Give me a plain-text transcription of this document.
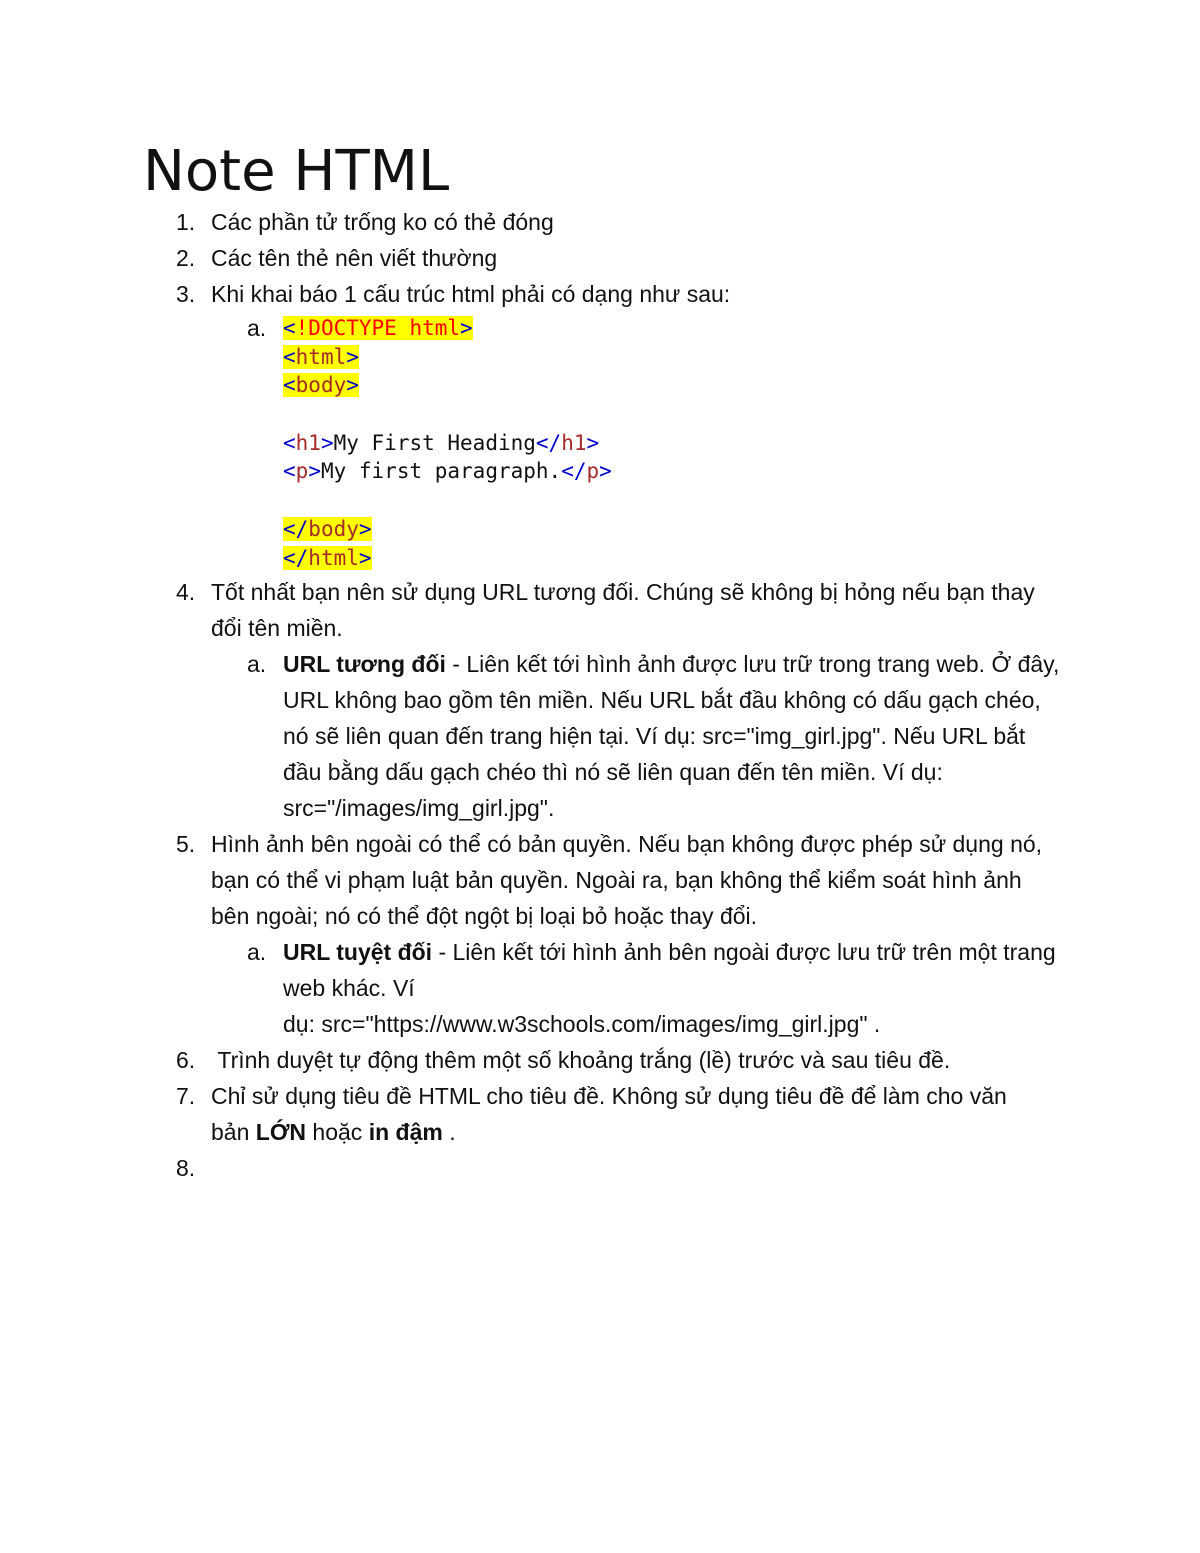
Note HTML
1. Các phần tử trống ko có thẻ đóng
2. Các tên thẻ nên viết thường
3. Khi khai báo 1 cấu trúc html phải có dạng như sau:
a. <!DOCTYPE html>
<html>
<body>
<h1>My First Heading</h1>
<p>My first paragraph.</p>
</body>
</html>
4. Tốt nhất bạn nên sử dụng URL tương đối. Chúng sẽ không bị hỏng nếu bạn thay đổi tên miền.
a. URL tương đối - Liên kết tới hình ảnh được lưu trữ trong trang web. Ở đây, URL không bao gồm tên miền. Nếu URL bắt đầu không có dấu gạch chéo, nó sẽ liên quan đến trang hiện tại. Ví dụ: src="img_girl.jpg". Nếu URL bắt đầu bằng dấu gạch chéo thì nó sẽ liên quan đến tên miền. Ví dụ: src="/images/img_girl.jpg".
5. Hình ảnh bên ngoài có thể có bản quyền. Nếu bạn không được phép sử dụng nó, bạn có thể vi phạm luật bản quyền. Ngoài ra, bạn không thể kiểm soát hình ảnh bên ngoài; nó có thể đột ngột bị loại bỏ hoặc thay đổi.
a. URL tuyệt đối - Liên kết tới hình ảnh bên ngoài được lưu trữ trên một trang web khác. Ví
dụ: src="https://www.w3schools.com/images/img_girl.jpg" .
6. Trình duyệt tự động thêm một số khoảng trắng (lề) trước và sau tiêu đề.
7. Chỉ sử dụng tiêu đề HTML cho tiêu đề. Không sử dụng tiêu đề để làm cho văn bản LỚN hoặc in đậm .
8.
